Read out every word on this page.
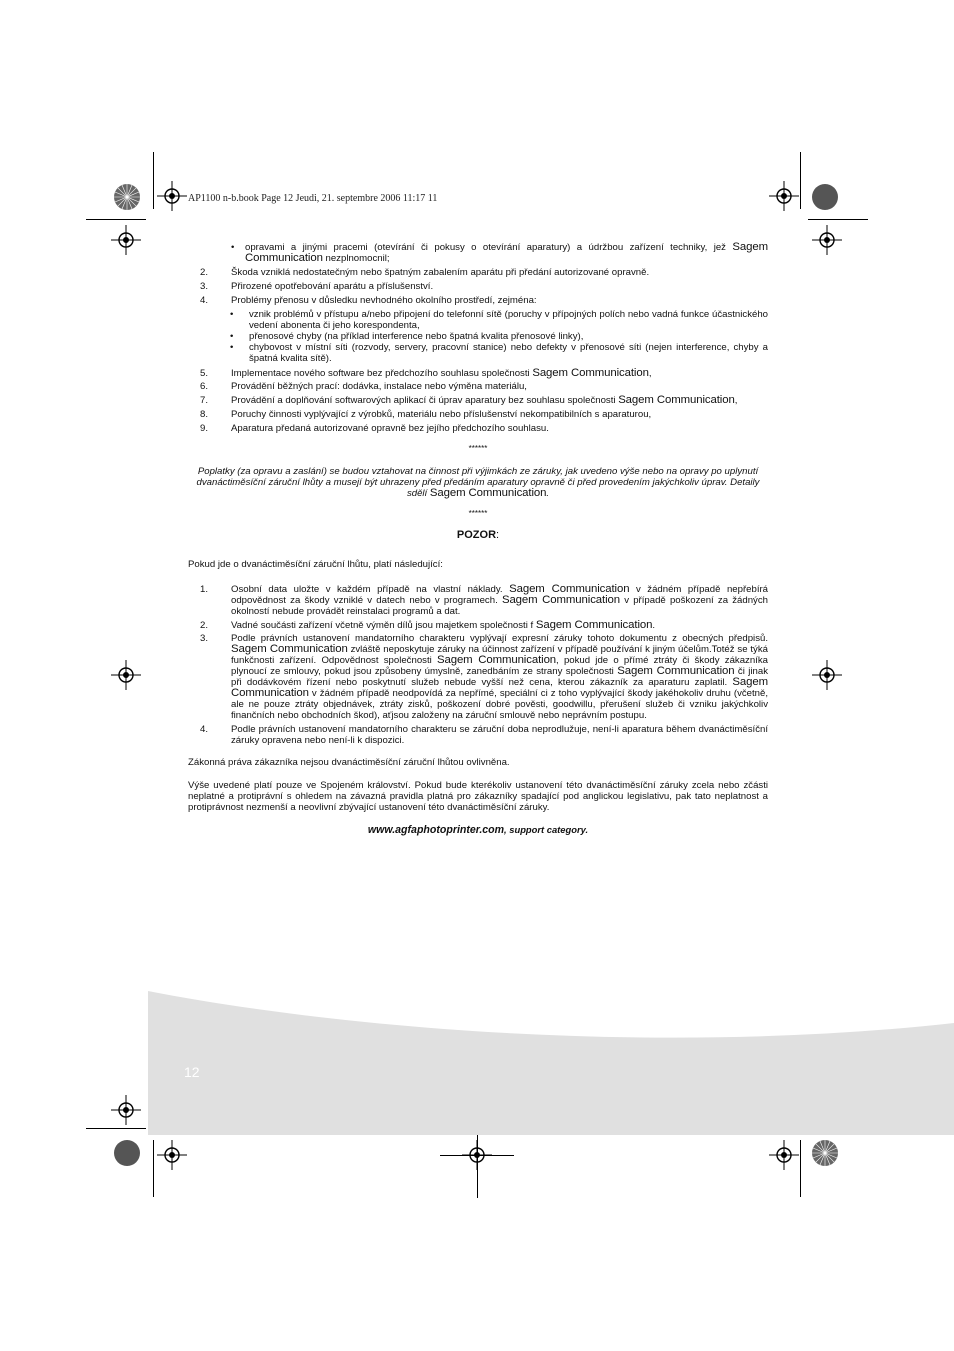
AP1100 n-b.book Page 12 Jeudi, 21. septembre 2006 11:17 11
• opravami a jinými pracemi (otevírání či pokusy o otevírání aparatury) a údržbou zařízení techniky, jež Sagem Communication nezplnomocnil;
2. Škoda vzniklá nedostatečným nebo špatným zabalením aparátu při předání autorizované opravně.
3. Přirozené opotřebování aparátu a příslušenství.
4. Problémy přenosu v důsledku nevhodného okolního prostředí, zejména:
• vznik problémů v přístupu a/nebo připojení do telefonní sítě (poruchy v přípojných polích nebo vadná funkce účastnického vedení abonenta či jeho korespondenta,
• přenosové chyby (na příklad interference nebo špatná kvalita přenosové linky),
• chybovost v místní síti (rozvody, servery, pracovní stanice) nebo defekty v přenosové síti (nejen interference, chyby a špatná kvalita sítě).
5. Implementace nového software bez předchozího souhlasu společnosti Sagem Communication,
6. Provádění běžných prací: dodávka, instalace nebo výměna materiálu,
7. Provádění a doplňování softwarových aplikací či úprav aparatury bez souhlasu společnosti Sagem Communication,
8. Poruchy činnosti vyplývající z výrobků, materiálu nebo příslušenství nekompatibilních s aparaturou,
9. Aparatura předaná autorizované opravně bez jejího předchozího souhlasu.
******
Poplatky (za opravu a zaslání) se budou vztahovat na činnost při výjimkách ze záruky, jak uvedeno výše nebo na opravy po uplynutí dvanáctiměsíční záruční lhůty a musejí být uhrazeny před předáním aparatury opravně či před provedením jakýchkoliv úprav. Detaily sdělí Sagem Communication.
******
POZOR:
Pokud jde o dvanáctiměsíční záruční lhůtu, platí následující:
1. Osobní data uložte v každém případě na vlastní náklady. Sagem Communication v žádném případě nepřebírá odpovědnost za škody vzniklé v datech nebo v programech. Sagem Communication v případě poškození za žádných okolností nebude provádět reinstalaci programů a dat.
2. Vadné součásti zařízení včetně výměn dílů jsou majetkem společnosti f Sagem Communication.
3. Podle právních ustanovení mandatorního charakteru vyplývají expresní záruky tohoto dokumentu z obecných předpisů. Sagem Communication zvláště neposkytuje záruky na účinnost zařízení v případě používání k jiným účelům.Totéž se týká funkčnosti zařízení. Odpovědnost společnosti Sagem Communication, pokud jde o přímé ztráty či škody zákazníka plynoucí ze smlouvy, pokud jsou způsobeny úmyslně, zanedbáním ze strany společnosti Sagem Communication či jinak při dodávkovém řízení nebo poskytnutí služeb nebude vyšší než cena, kterou zákazník za aparaturu zaplatil. Sagem Communication v žádném případě neodpovídá za nepřímé, speciální ci z toho vyplývající škody jakéhokoliv druhu (včetně, ale ne pouze ztráty objednávek, ztráty zisků, poškození dobré pověsti, goodwillu, přerušení služeb či vzniku jakýchkoliv finančních nebo obchodních škod), aťjsou založeny na záruční smlouvě nebo neprávním postupu.
4. Podle právních ustanovení mandatorního charakteru se záruční doba neprodlužuje, není-li aparatura během dvanáctiměsíční záruky opravena nebo není-li k dispozici.
Zákonná práva zákazníka nejsou dvanáctiměsíční záruční lhůtou ovlivněna.
Výše uvedené platí pouze ve Spojeném království. Pokud bude kterékoliv ustanovení této dvanáctiměsíční záruky zcela nebo zčásti neplatné a protiprávní s ohledem na závazná pravidla platná pro zákazníky spadající pod anglickou legislativu, pak tato neplatnost a protiprávnost nezmenší a neovlivní zbývající ustanovení této dvanáctiměsíční záruky.
www.agfaphotoprinter.com, support category.
12
